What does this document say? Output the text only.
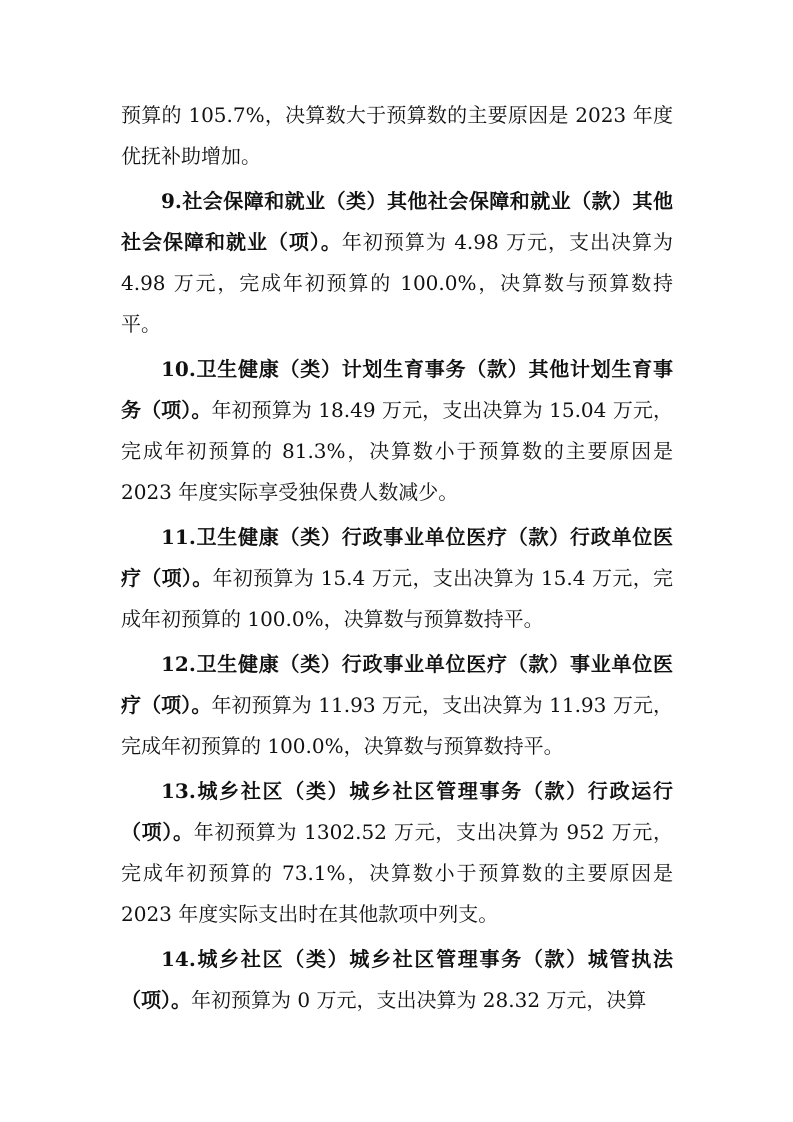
预算的 105.7%，决算数大于预算数的主要原因是 2023 年度优抚补助增加。

9.社会保障和就业（类）其他社会保障和就业（款）其他社会保障和就业（项）。年初预算为 4.98 万元，支出决算为 4.98 万元，完成年初预算的 100.0%，决算数与预算数持平。

10.卫生健康（类）计划生育事务（款）其他计划生育事务（项）。年初预算为 18.49 万元，支出决算为 15.04 万元，完成年初预算的 81.3%，决算数小于预算数的主要原因是 2023 年度实际享受独保费人数减少。

11.卫生健康（类）行政事业单位医疗（款）行政单位医疗（项）。年初预算为 15.4 万元，支出决算为 15.4 万元，完成年初预算的 100.0%，决算数与预算数持平。

12.卫生健康（类）行政事业单位医疗（款）事业单位医疗（项）。年初预算为 11.93 万元，支出决算为 11.93 万元，完成年初预算的 100.0%，决算数与预算数持平。

13.城乡社区（类）城乡社区管理事务（款）行政运行（项）。年初预算为 1302.52 万元，支出决算为 952 万元，完成年初预算的 73.1%，决算数小于预算数的主要原因是 2023 年度实际支出时在其他款项中列支。

14.城乡社区（类）城乡社区管理事务（款）城管执法（项）。年初预算为 0 万元，支出决算为 28.32 万元，决算
